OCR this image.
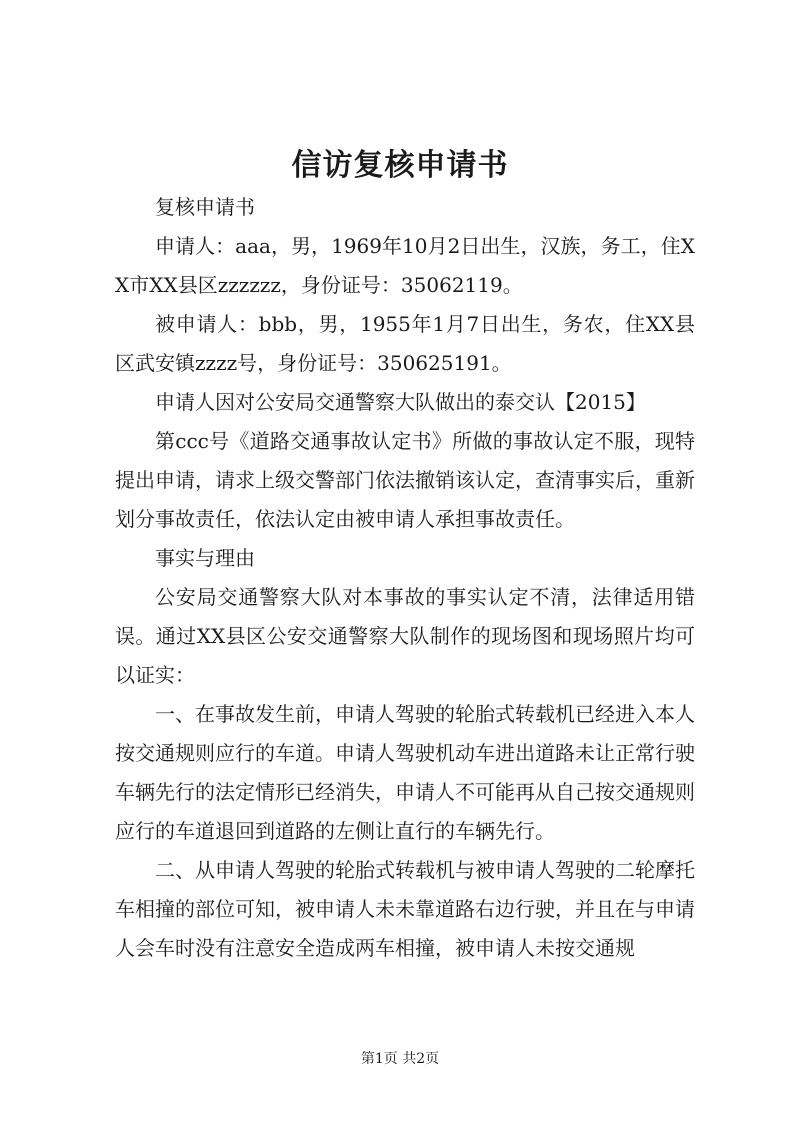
信访复核申请书

复核申请书

申请人：aaa，男，1969年10月2日出生，汉族，务工，住XX市XX县区zzzzzz，身份证号：35062119。

被申请人：bbb，男，1955年1月7日出生，务农，住XX县区武安镇zzzz号，身份证号：350625191。

申请人因对公安局交通警察大队做出的泰交认【2015】

第ccc号《道路交通事故认定书》所做的事故认定不服，现特提出申请，请求上级交警部门依法撤销该认定，查清事实后，重新划分事故责任，依法认定由被申请人承担事故责任。

事实与理由

公安局交通警察大队对本事故的事实认定不清，法律适用错误。通过XX县区公安交通警察大队制作的现场图和现场照片均可以证实：

一、在事故发生前，申请人驾驶的轮胎式转载机已经进入本人按交通规则应行的车道。申请人驾驶机动车进出道路未让正常行驶车辆先行的法定情形已经消失，申请人不可能再从自己按交通规则应行的车道退回到道路的左侧让直行的车辆先行。

二、从申请人驾驶的轮胎式转载机与被申请人驾驶的二轮摩托车相撞的部位可知，被申请人未未靠道路右边行驶，并且在与申请人会车时没有注意安全造成两车相撞，被申请人未按交通规

第1页 共2页
